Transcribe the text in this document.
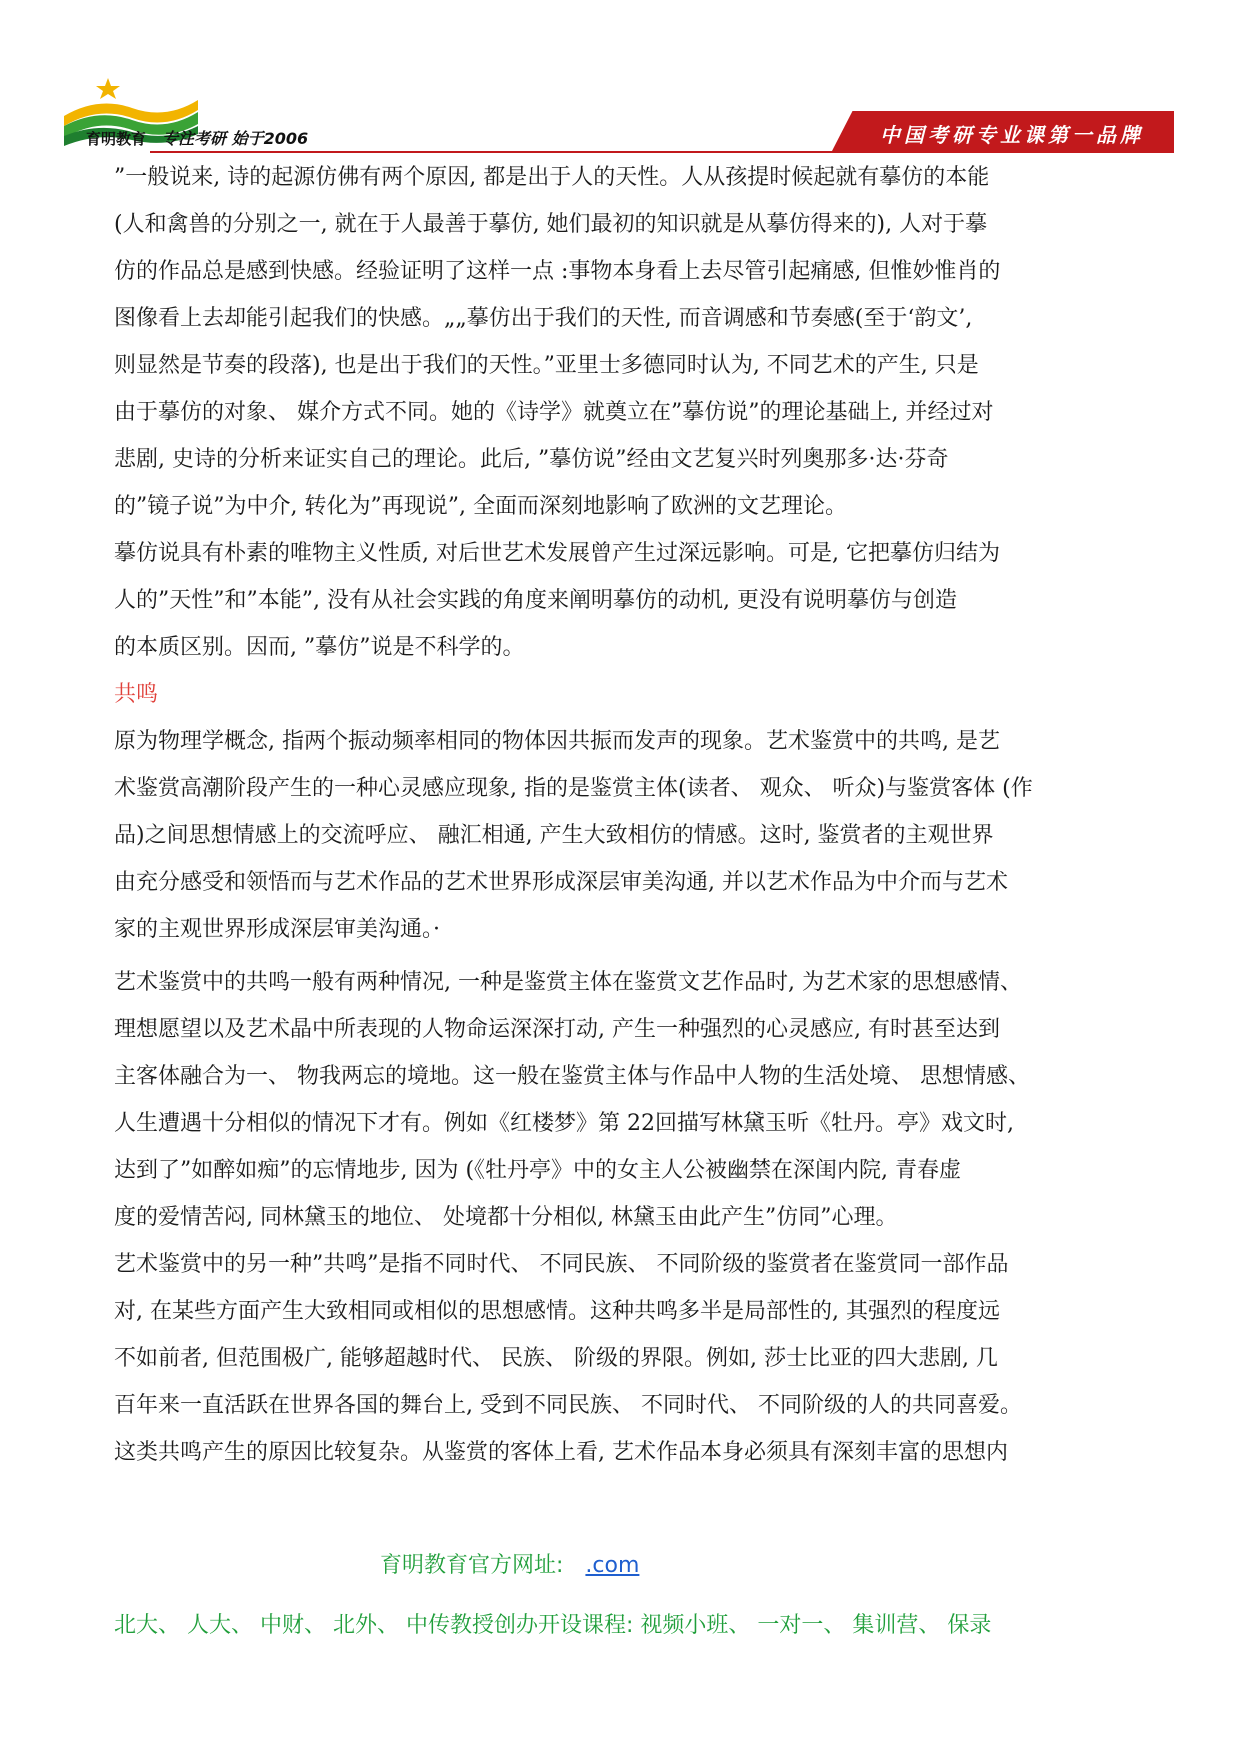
育明教育 专注考研 始于2006	中国考研专业课第一品牌
”一般说来, 诗的起源仿佛有两个原因, 都是出于人的天性。人从孩提时候起就有摹仿的本能
(人和禽兽的分别之一, 就在于人最善于摹仿, 她们最初的知识就是从摹仿得来的), 人对于摹
仿的作品总是感到快感。经验证明了这样一点 :事物本身看上去尽管引起痛感, 但惟妙惟肖的
图像看上去却能引起我们的快感。„„摹仿出于我们的天性, 而音调感和节奏感(至于‘韵文’,
则显然是节奏的段落), 也是出于我们的天性。”亚里士多德同时认为, 不同艺术的产生, 只是
由于摹仿的对象、 媒介方式不同。她的《诗学》就奠立在”摹仿说”的理论基础上, 并经过对
悲剧, 史诗的分析来证实自己的理论。此后, ”摹仿说”经由文艺复兴时列奥那多·达·芬奇
的”镜子说”为中介, 转化为”再现说”, 全面而深刻地影响了欧洲的文艺理论。
摹仿说具有朴素的唯物主义性质, 对后世艺术发展曾产生过深远影响。可是, 它把摹仿归结为
人的”天性”和”本能”, 没有从社会实践的角度来阐明摹仿的动机, 更没有说明摹仿与创造
的本质区别。因而, ”摹仿”说是不科学的。
共鸣
原为物理学概念, 指两个振动频率相同的物体因共振而发声的现象。艺术鉴赏中的共鸣, 是艺
术鉴赏高潮阶段产生的一种心灵感应现象, 指的是鉴赏主体(读者、 观众、 听众)与鉴赏客体 (作
品)之间思想情感上的交流呼应、 融汇相通, 产生大致相仿的情感。这时, 鉴赏者的主观世界
由充分感受和领悟而与艺术作品的艺术世界形成深层审美沟通, 并以艺术作品为中介而与艺术
家的主观世界形成深层审美沟通。·
艺术鉴赏中的共鸣一般有两种情况, 一种是鉴赏主体在鉴赏文艺作品时, 为艺术家的思想感情、
理想愿望以及艺术晶中所表现的人物命运深深打动, 产生一种强烈的心灵感应, 有时甚至达到
主客体融合为一、 物我两忘的境地。这一般在鉴赏主体与作品中人物的生活处境、 思想情感、
人生遭遇十分相似的情况下才有。例如《红楼梦》第 22回描写林黛玉听《牡丹。亭》戏文时,
达到了”如醉如痴”的忘情地步, 因为 (《牡丹亭》中的女主人公被幽禁在深闺内院, 青春虚
度的爱情苦闷, 同林黛玉的地位、 处境都十分相似, 林黛玉由此产生”仿同”心理。
艺术鉴赏中的另一种”共鸣”是指不同时代、 不同民族、 不同阶级的鉴赏者在鉴赏同一部作品
对, 在某些方面产生大致相同或相似的思想感情。这种共鸣多半是局部性的, 其强烈的程度远
不如前者, 但范围极广, 能够超越时代、 民族、 阶级的界限。例如, 莎士比亚的四大悲剧, 几
百年来一直活跃在世界各国的舞台上, 受到不同民族、 不同时代、 不同阶级的人的共同喜爱。
这类共鸣产生的原因比较复杂。从鉴赏的客体上看, 艺术作品本身必须具有深刻丰富的思想内
育明教育官方网址: .com
北大、 人大、 中财、 北外、 中传教授创办开设课程: 视频小班、 一对一、 集训营、 保录
